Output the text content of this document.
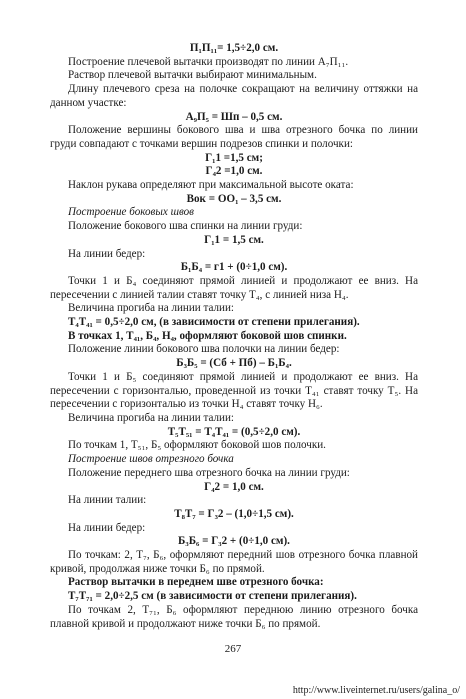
П₁П₁₁= 1,5÷2,0 см.
Построение плечевой вытачки производят по линии А₇П₁₁.
Раствор плечевой вытачки выбирают минимальным.
Длину плечевого среза на полочке сокращают на величину оттяжки на данном участке:
А₉П₅ = Шп – 0,5 см.
Положение вершины бокового шва и шва отрезного бочка по линии груди совпадают с точками вершин подрезов спинки и полочки:
Г₁1 =1,5 см;
Г₄2 =1,0 см.
Наклон рукава определяют при максимальной высоте оката:
Вок = ОО₁ – 3,5 см.
Построение боковых швов
Положение бокового шва спинки на линии груди:
Г₁1 = 1,5 см.
На линии бедер:
Б₁Б₄ = г1 + (0÷1,0 см).
Точки 1 и Б₄ соединяют прямой линией и продолжают ее вниз. На пересечении с линией талии ставят точку Т₄, с линией низа Н₄.
Величина прогиба на линии талии:
Т₄Т₄₁ = 0,5÷2,0 см, (в зависимости от степени прилегания).
В точках 1, Т₄₁, Б₄, Н₄, оформляют боковой шов спинки.
Положение линии бокового шва полочки на линии бедер:
Б₃Б₅ = (Сб + Пб) – Б₁Б₄.
Точки 1 и Б₅ соединяют прямой линией и продолжают ее вниз. На пересечении с горизонталью, проведенной из точки Т₄₁ ставят точку Т₅. На пересечении с горизонталью из точки Н₄ ставят точку Н₆.
Величина прогиба на линии талии:
Т₅Т₅₁ = Т₄Т₄₁ = (0,5÷2,0 см).
По точкам 1, Т₅₁, Б₅ оформляют боковой шов полочки.
Построение швов отрезного бочка
Положение переднего шва отрезного бочка на линии груди:
Г₄2 = 1,0 см.
На линии талии:
Т₈Т₇ = Г₃2 – (1,0÷1,5 см).
На линии бедер:
Б₃Б₆ = Г₃2 + (0÷1,0 см).
По точкам: 2, Т₇, Б₆, оформляют передний шов отрезного бочка плавной кривой, продолжая ниже точки Б₆ по прямой.
Раствор вытачки в переднем шве отрезного бочка:
Т₇Т₇₁ = 2,0÷2,5 см (в зависимости от степени прилегания).
По точкам 2, Т₇₁, Б₆ оформляют переднюю линию отрезного бочка плавной кривой и продолжают ниже точки Б₆ по прямой.
267
http://www.liveinternet.ru/users/galina_o/
